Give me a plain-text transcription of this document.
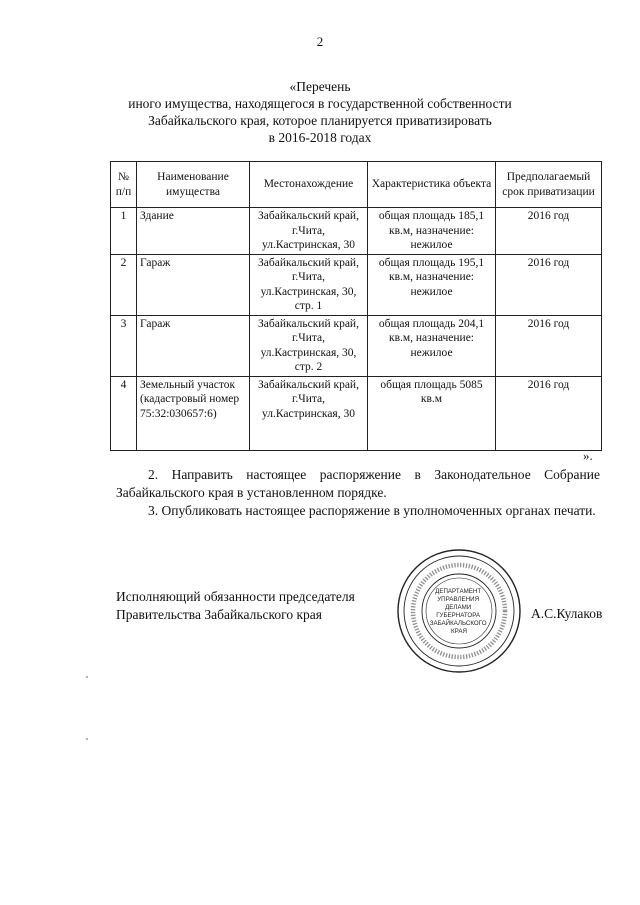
2
«Перечень
иного имущества, находящегося в государственной собственности
Забайкальского края, которое планируется приватизировать
в 2016-2018 годах
№ п/п	Наименование имущества	Местонахождение	Характеристика объекта	Предполагаемый срок приватизации
1	Здание	Забайкальский край, г.Чита, ул.Кастринская, 30	общая площадь 185,1 кв.м, назначение: нежилое	2016 год
2	Гараж	Забайкальский край, г.Чита, ул.Кастринская, 30, стр. 1	общая площадь 195,1 кв.м, назначение: нежилое	2016 год
3	Гараж	Забайкальский край, г.Чита, ул.Кастринская, 30, стр. 2	общая площадь 204,1 кв.м, назначение: нежилое	2016 год
4	Земельный участок (кадастровый номер 75:32:030657:6)	Забайкальский край, г.Чита, ул.Кастринская, 30	общая площадь 5085 кв.м	2016 год
».
2. Направить настоящее распоряжение в Законодательное Собрание Забайкальского края в установленном порядке.
3. Опубликовать настоящее распоряжение в уполномоченных органах печати.
Исполняющий обязанности председателя
Правительства Забайкальского края	А.С.Кулаков
ДЕПАРТАМЕНТ УПРАВЛЕНИЯ ДЕЛАМИ ГУБЕРНАТОРА ЗАБАЙКАЛЬСКОГО КРАЯ
